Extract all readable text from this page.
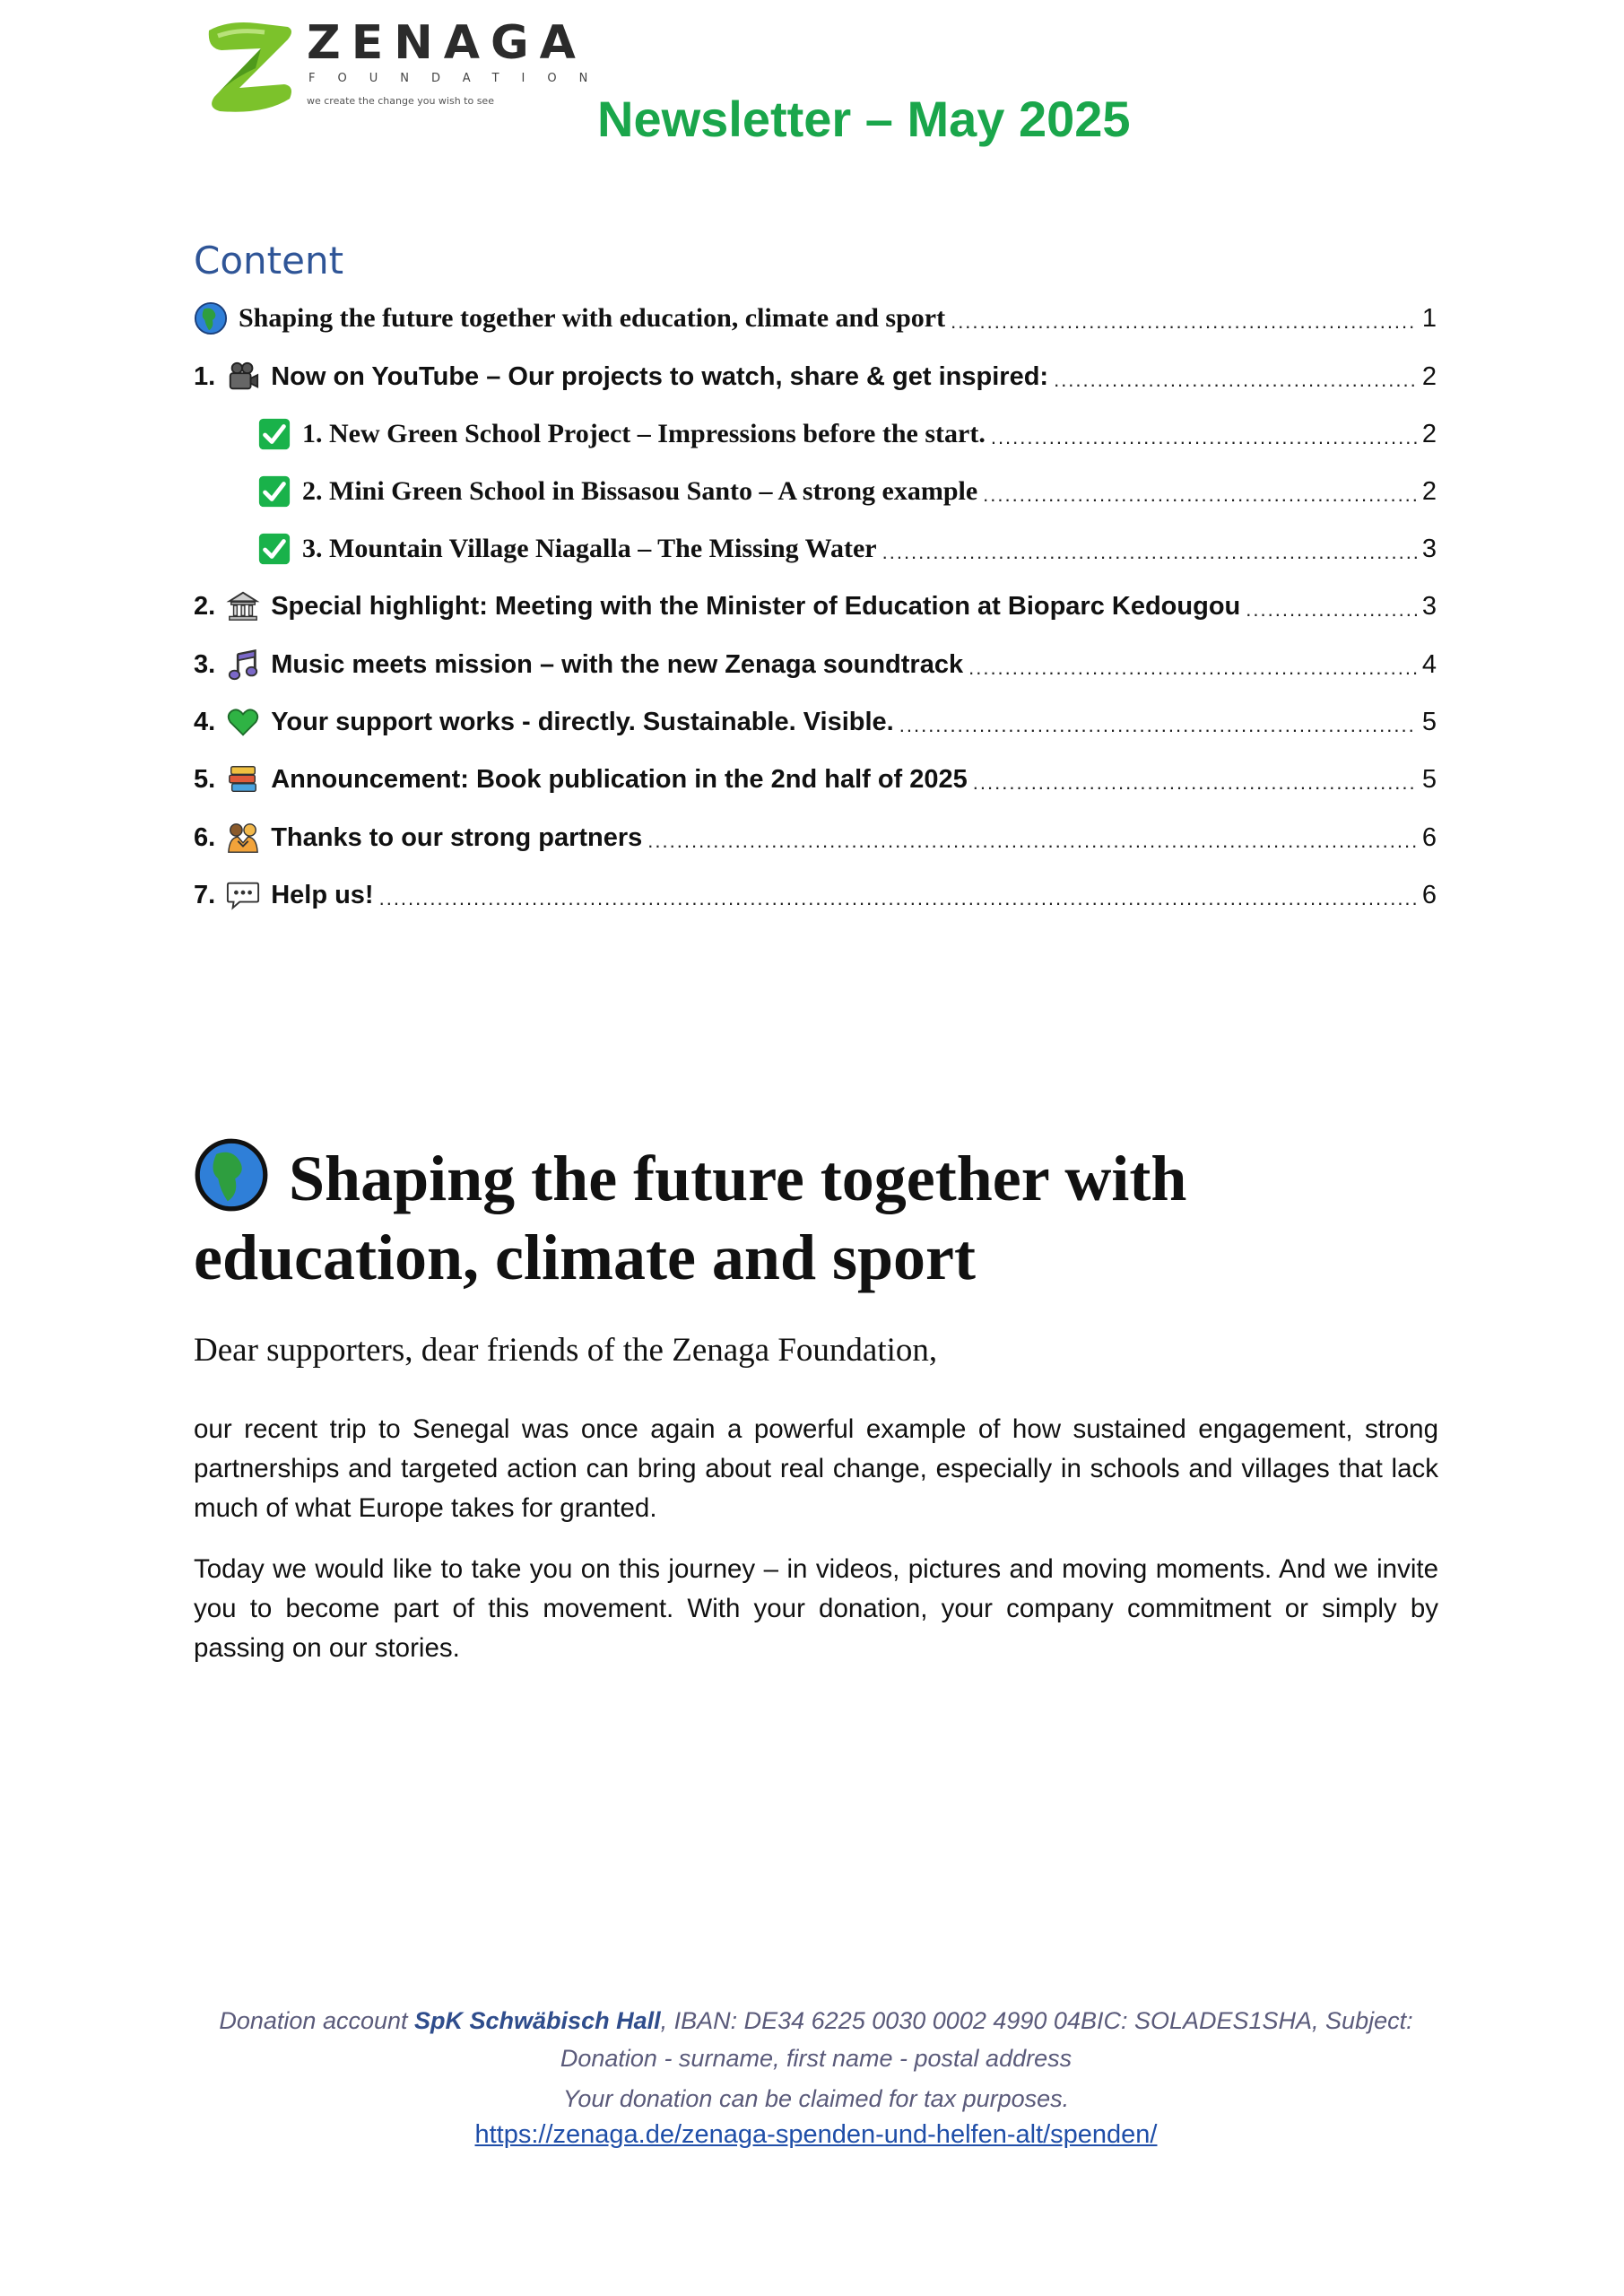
ZENAGA
FOUNDATION
we create the change you wish to see Newsletter – May 2025
Content
Shaping the future together with education, climate and sport .....	1
1. Now on YouTube – Our projects to watch, share & get inspired: .....	2
1. New Green School Project – Impressions before the start. .....	2
2. Mini Green School in Bissasou Santo – A strong example .....	2
3. Mountain Village Niagalla – The Missing Water .....	3
2. Special highlight: Meeting with the Minister of Education at Bioparc Kedougou .....	3
3. Music meets mission – with the new Zenaga soundtrack .....	4
4. Your support works - directly. Sustainable. Visible. .....	5
5. Announcement: Book publication in the 2nd half of 2025 .....	5
6. Thanks to our strong partners .....	6
7. Help us! .....	6
Shaping the future together with education, climate and sport
Dear supporters, dear friends of the Zenaga Foundation,
our recent trip to Senegal was once again a powerful example of how sustained engagement, strong partnerships and targeted action can bring about real change, especially in schools and villages that lack much of what Europe takes for granted.
Today we would like to take you on this journey – in videos, pictures and moving moments. And we invite you to become part of this movement. With your donation, your company commitment or simply by passing on our stories.
Donation account SpK Schwäbisch Hall, IBAN: DE34 6225 0030 0002 4990 04BIC: SOLADES1SHA, Subject:
Donation - surname, first name - postal address
Your donation can be claimed for tax purposes.
https://zenaga.de/zenaga-spenden-und-helfen-alt/spenden/
